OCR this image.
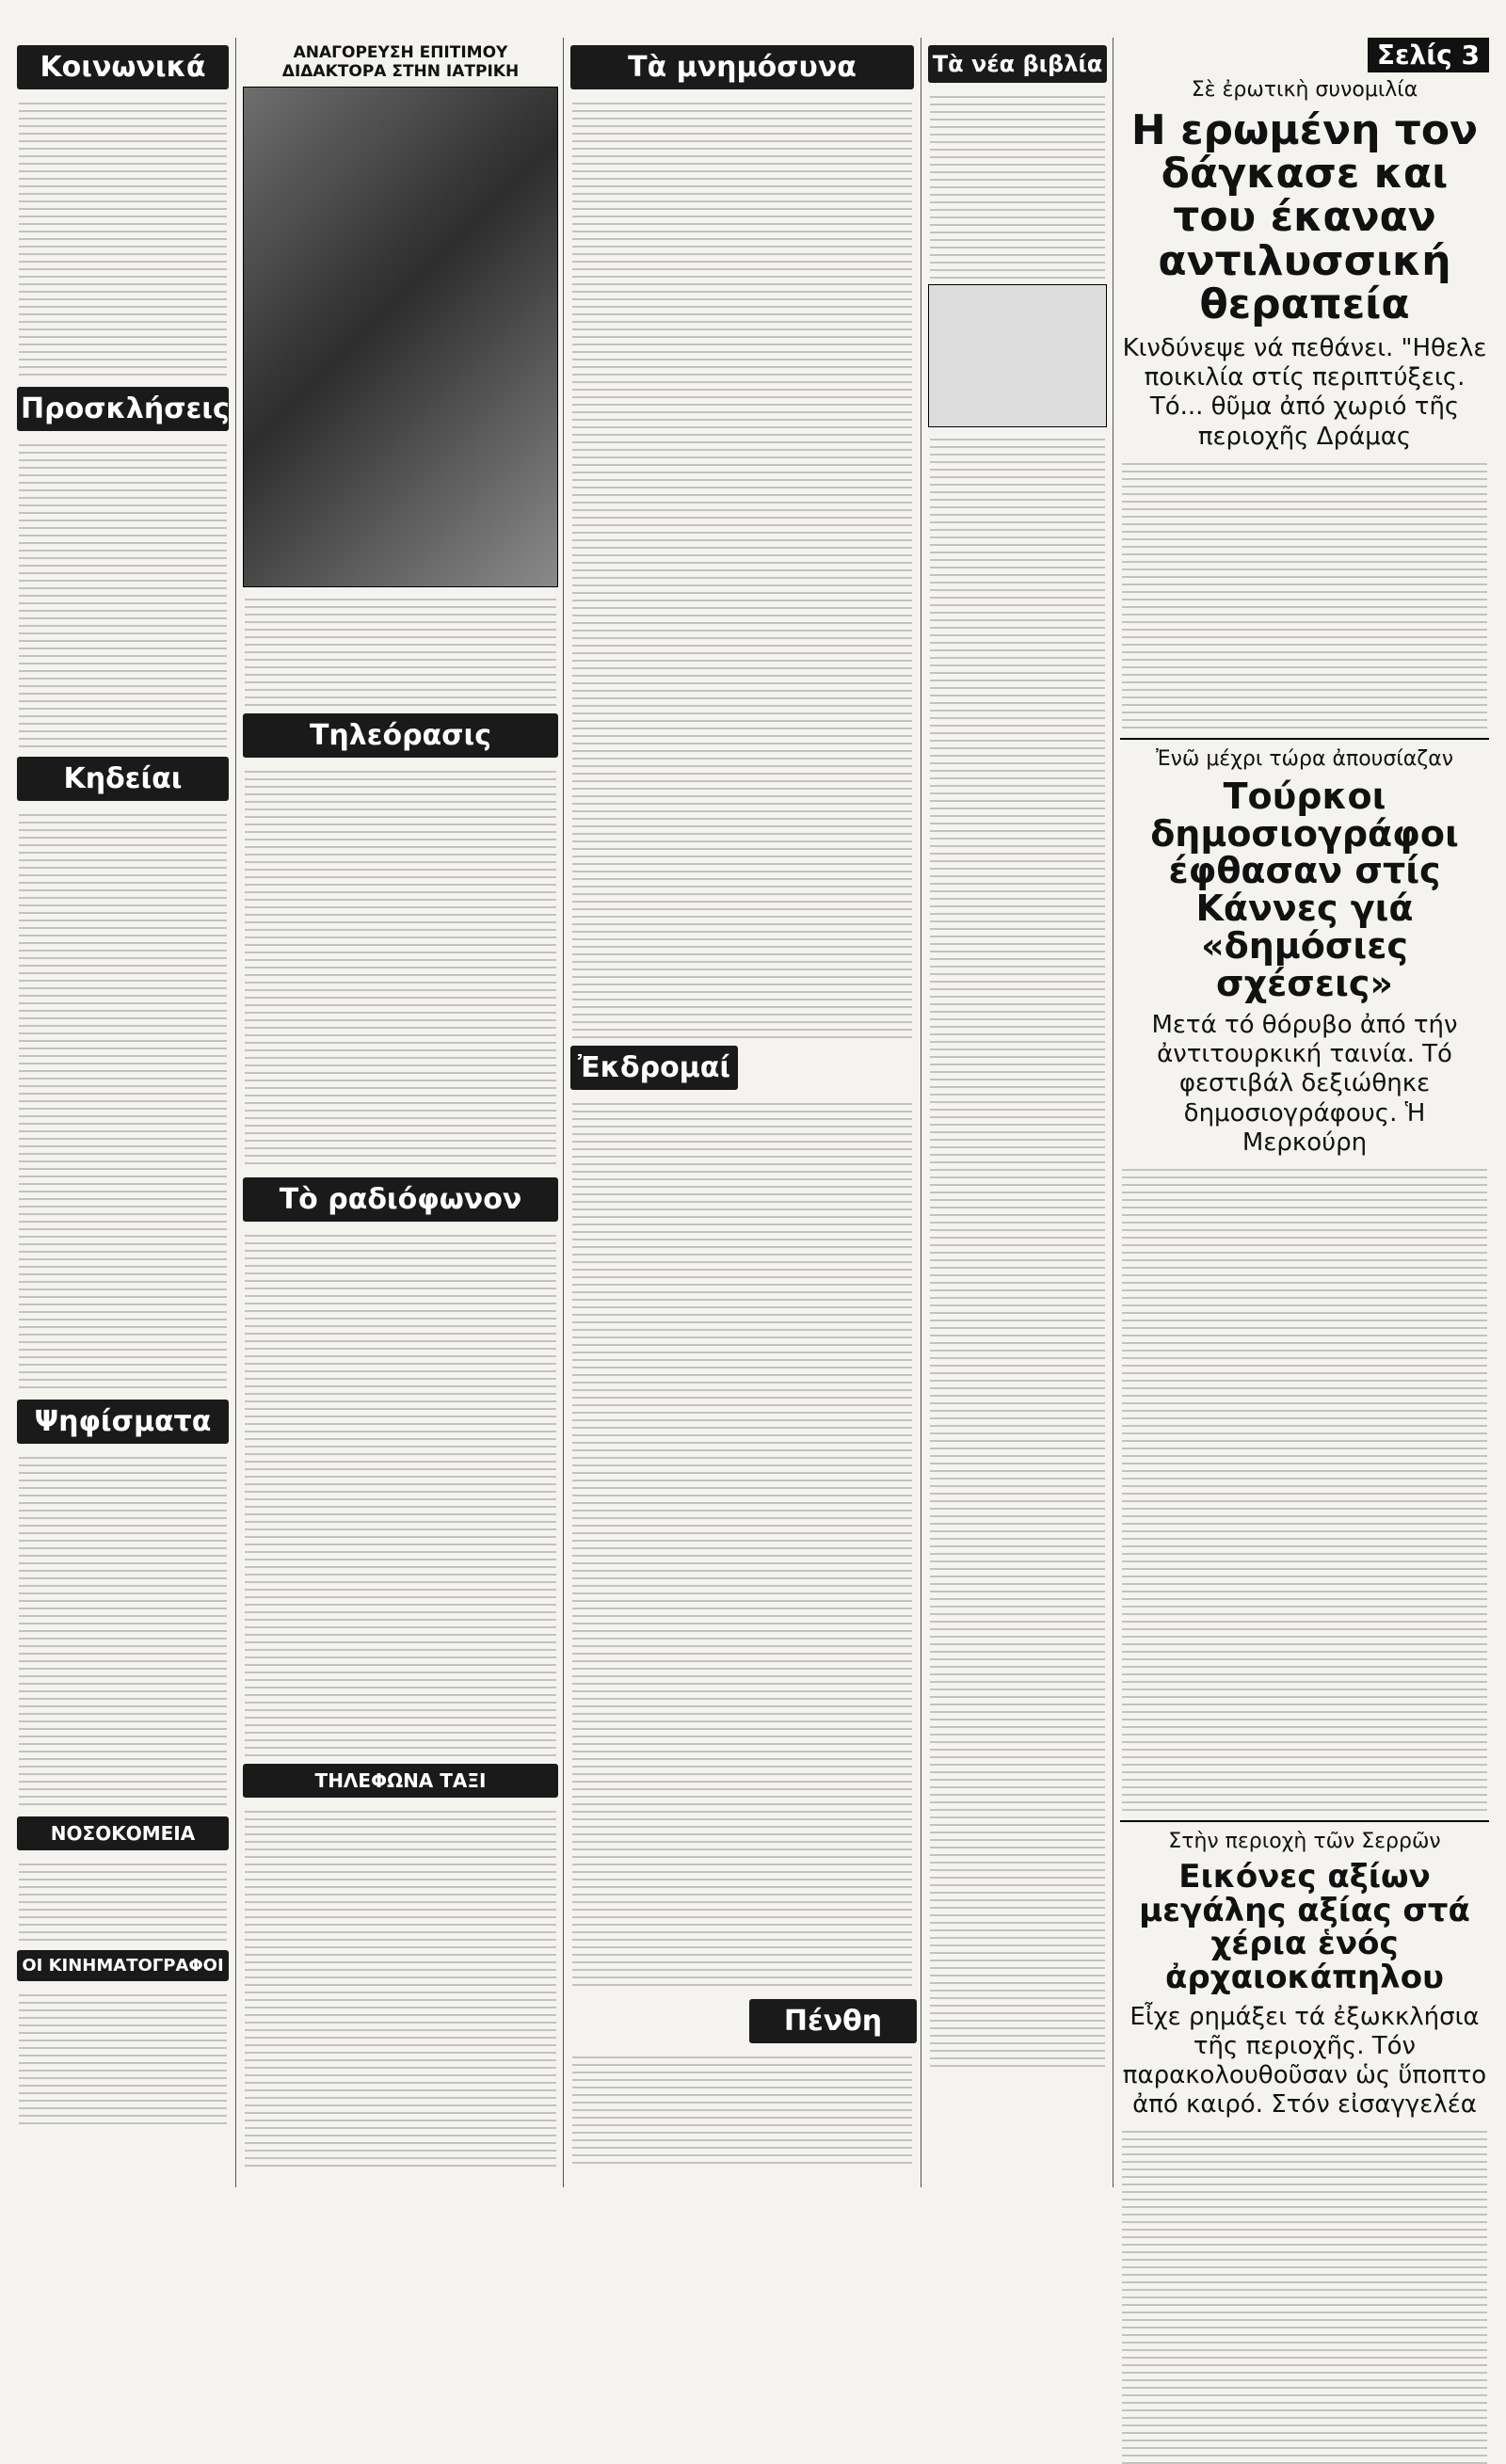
Κοινωνικά
Προσκλήσεις
Κηδείαι
Ψηφίσματα
ΝΟΣΟΚΟΜΕΙΑ
ΟΙ ΚΙΝΗΜΑΤΟΓΡΑΦΟΙ
ΑΝΑΓΟΡΕΥΣΗ ΕΠΙΤΙΜΟΥ ΔΙΔΑΚΤΟΡΑ ΣΤΗΝ ΙΑΤΡΙΚΗ
Τηλεόρασις
Τὸ ραδιόφωνον
ΤΗΛΕΦΩΝΑ ΤΑΞΙ
Τὰ μνημόσυνα
Ἐκδρομαί
Πένθη
Τὰ νέα βιβλία	Σελίς 3
Σὲ ἐρωτικὴ συνομιλία
Η ερωμένη τον δάγκασε και του έκαναν αντιλυσσική θεραπεία
Κινδύνεψε νά πεθάνει. "Ηθελε ποικιλία στίς περιπτύξεις. Τό... θῦμα ἀπό χωριό τῆς περιοχῆς Δράμας
Ἐνῶ μέχρι τώρα ἀπουσίαζαν
Τούρκοι δημοσιογράφοι έφθασαν στίς Κάννες γιά «δημόσιες σχέσεις»
Μετά τό θόρυβο ἀπό τήν ἀντιτουρκική ταινία. Τό φεστιβάλ δεξιώθηκε δημοσιογράφους. Ἡ Μερκούρη
Στὴν περιοχὴ τῶν Σερρῶν
Εικόνες αξίων μεγάλης αξίας στά χέρια ἑνός ἀρχαιοκάπηλου
Εἶχε ρημάξει τά ἐξωκκλήσια τῆς περιοχῆς. Τόν παρακολουθοῦσαν ὡς ὕποπτο ἀπό καιρό. Στόν εἰσαγγελέα
